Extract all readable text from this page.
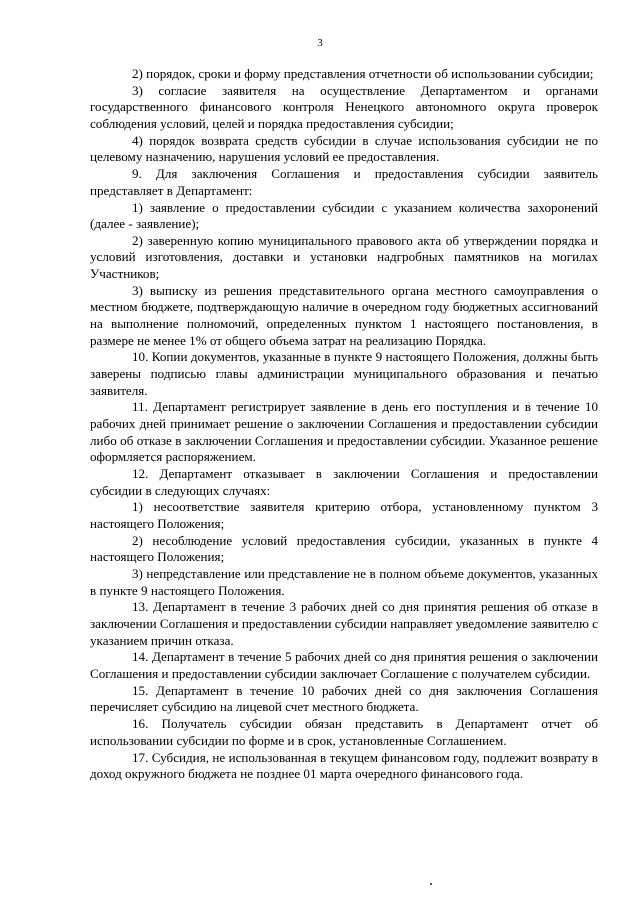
3

2) порядок, сроки и форму представления отчетности об использовании субсидии;

3) согласие заявителя на осуществление Департаментом и органами государственного финансового контроля Ненецкого автономного округа проверок соблюдения условий, целей и порядка предоставления субсидии;

4) порядок возврата средств субсидии в случае использования субсидии не по целевому назначению, нарушения условий ее предоставления.

9. Для заключения Соглашения и предоставления субсидии заявитель представляет в Департамент:

1) заявление о предоставлении субсидии с указанием количества захоронений (далее - заявление);

2) заверенную копию муниципального правового акта об утверждении порядка и условий изготовления, доставки и установки надгробных памятников на могилах Участников;

3) выписку из решения представительного органа местного самоуправления о местном бюджете, подтверждающую наличие в очередном году бюджетных ассигнований на выполнение полномочий, определенных пунктом 1 настоящего постановления, в размере не менее 1% от общего объема затрат на реализацию Порядка.

10. Копии документов, указанные в пункте 9 настоящего Положения, должны быть заверены подписью главы администрации муниципального образования и печатью заявителя.

11. Департамент регистрирует заявление в день его поступления и в течение 10 рабочих дней принимает решение о заключении Соглашения и предоставлении субсидии либо об отказе в заключении Соглашения и предоставлении субсидии. Указанное решение оформляется распоряжением.

12. Департамент отказывает в заключении Соглашения и предоставлении субсидии в следующих случаях:

1) несоответствие заявителя критерию отбора, установленному пунктом 3 настоящего Положения;

2) несоблюдение условий предоставления субсидии, указанных в пункте 4 настоящего Положения;

3) непредставление или представление не в полном объеме документов, указанных в пункте 9 настоящего Положения.

13. Департамент в течение 3 рабочих дней со дня принятия решения об отказе в заключении Соглашения и предоставлении субсидии направляет уведомление заявителю с указанием причин отказа.

14. Департамент в течение 5 рабочих дней со дня принятия решения о заключении Соглашения и предоставлении субсидии заключает Соглашение с получателем субсидии.

15. Департамент в течение 10 рабочих дней со дня заключения Соглашения перечисляет субсидию на лицевой счет местного бюджета.

16. Получатель субсидии обязан представить в Департамент отчет об использовании субсидии по форме и в срок, установленные Соглашением.

17. Субсидия, не использованная в текущем финансовом году, подлежит возврату в доход окружного бюджета не позднее 01 марта очередного финансового года.
